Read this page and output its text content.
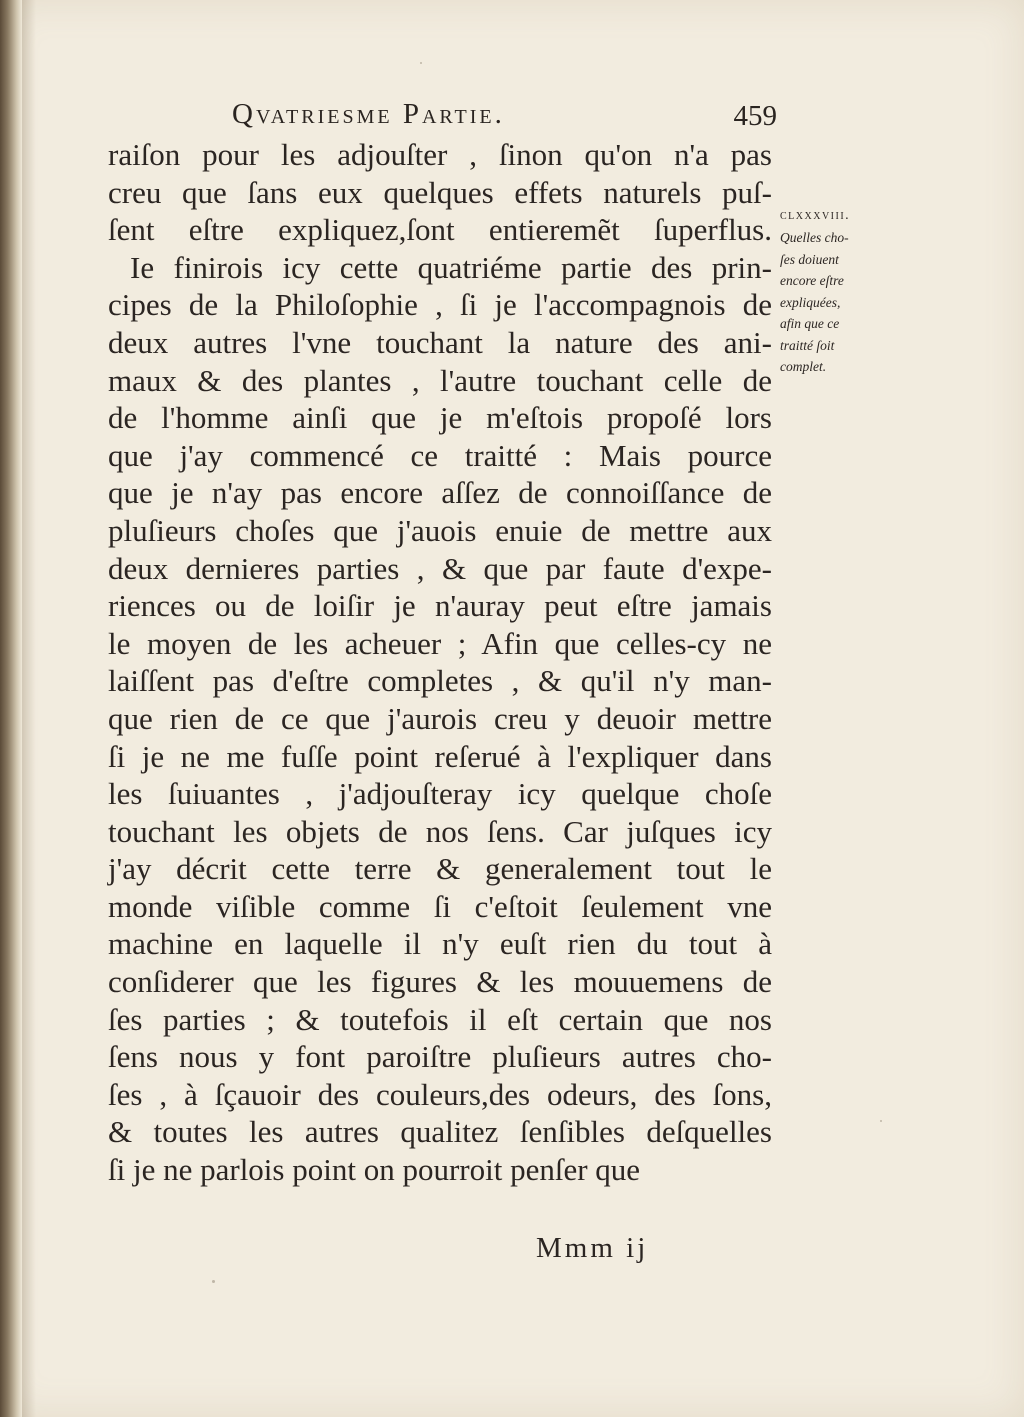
Qvatriesme Partie.	459
raiſon pour les adjouſter , ſinon qu'on n'a pas
creu que ſans eux quelques effets naturels puſ-
ſent eſtre expliquez,ſont entieremẽt ſuperflus.
Ie finirois icy cette quatriéme partie des prin-
cipes de la Philoſophie , ſi je l'accompagnois de
deux autres l'vne touchant la nature des ani-
maux & des plantes , l'autre touchant celle de
de l'homme ainſi que je m'eſtois propoſé lors
que j'ay commencé ce traitté : Mais pource
que je n'ay pas encore aſſez de connoiſſance de
pluſieurs choſes que j'auois enuie de mettre aux
deux dernieres parties , & que par faute d'expe-
riences ou de loiſir je n'auray peut eſtre jamais
le moyen de les acheuer ; Afin que celles-cy ne
laiſſent pas d'eſtre completes , & qu'il n'y man-
que rien de ce que j'aurois creu y deuoir mettre
ſi je ne me fuſſe point reſerué à l'expliquer dans
les ſuiuantes , j'adjouſteray icy quelque choſe
touchant les objets de nos ſens. Car juſques icy
j'ay décrit cette terre & generalement tout le
monde viſible comme ſi c'eſtoit ſeulement vne
machine en laquelle il n'y euſt rien du tout à
conſiderer que les figures & les mouuemens de
ſes parties ; & toutefois il eſt certain que nos
ſens nous y font paroiſtre pluſieurs autres cho-
ſes , à ſçauoir des couleurs,des odeurs, des ſons,
& toutes les autres qualitez ſenſibles deſquelles
ſi je ne parlois point on pourroit penſer que
clxxxviii.
Quelles cho-
ſes doiuent
encore eſtre
expliquées,
afin que ce
traitté ſoit
complet.
Mmm ij
